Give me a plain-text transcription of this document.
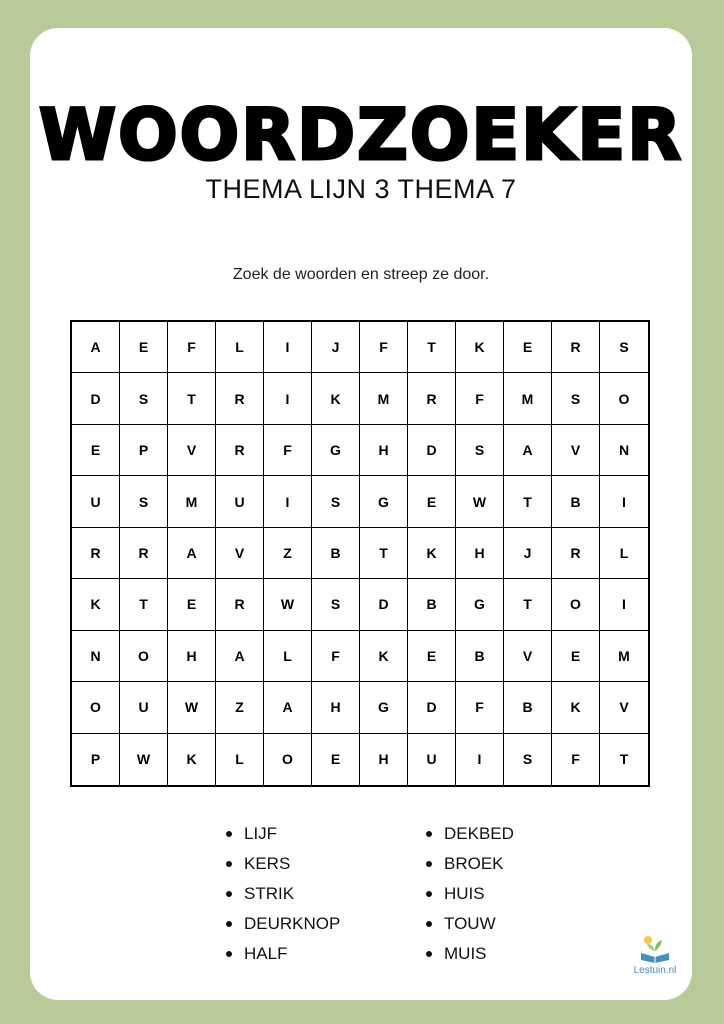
WOORDZOEKER
THEMA LIJN 3 THEMA 7
Zoek de woorden en streep ze door.
A	E	F	L	I	J	F	T	K	E	R	S
D	S	T	R	I	K	M	R	F	M	S	O
E	P	V	R	F	G	H	D	S	A	V	N
U	S	M	U	I	S	G	E	W	T	B	I
R	R	A	V	Z	B	T	K	H	J	R	L
K	T	E	R	W	S	D	B	G	T	O	I
N	O	H	A	L	F	K	E	B	V	E	M
O	U	W	Z	A	H	G	D	F	B	K	V
P	W	K	L	O	E	H	U	I	S	F	T
LIJF
KERS
STRIK
DEURKNOP
HALF
DEKBED
BROEK
HUIS
TOUW
MUIS
Lestuin.nl
